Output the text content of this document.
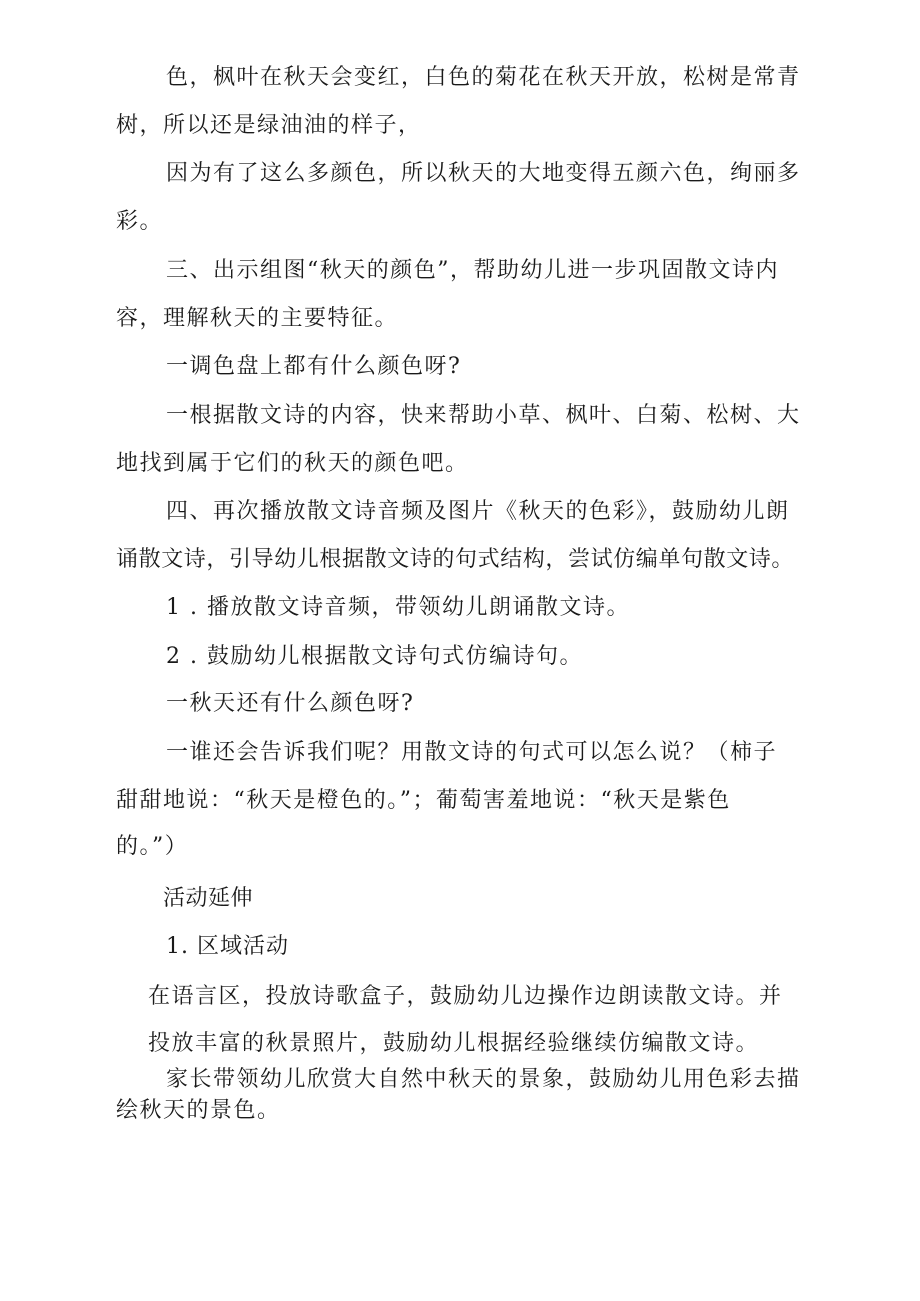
色，枫叶在秋天会变红，白色的菊花在秋天开放，松树是常青
树，所以还是绿油油的样子，
因为有了这么多颜色，所以秋天的大地变得五颜六色，绚丽多
彩。
三、出示组图“秋天的颜色”，帮助幼儿进一步巩固散文诗内
容，理解秋天的主要特征。
一调色盘上都有什么颜色呀?
一根据散文诗的内容，快来帮助小草、枫叶、白菊、松树、大
地找到属于它们的秋天的颜色吧。
四、再次播放散文诗音频及图片《秋天的色彩》，鼓励幼儿朗
诵散文诗，引导幼儿根据散文诗的句式结构，尝试仿编单句散文诗。
1 . 播放散文诗音频，带领幼儿朗诵散文诗。
2 . 鼓励幼儿根据散文诗句式仿编诗句。
一秋天还有什么颜色呀?
一谁还会告诉我们呢？用散文诗的句式可以怎么说？（柿子
甜甜地说：“秋天是橙色的。”；葡萄害羞地说：“秋天是紫色
的。”）
活动延伸
1. 区域活动
在语言区，投放诗歌盒子，鼓励幼儿边操作边朗读散文诗。并
投放丰富的秋景照片，鼓励幼儿根据经验继续仿编散文诗。
家长带领幼儿欣赏大自然中秋天的景象，鼓励幼儿用色彩去描
绘秋天的景色。
